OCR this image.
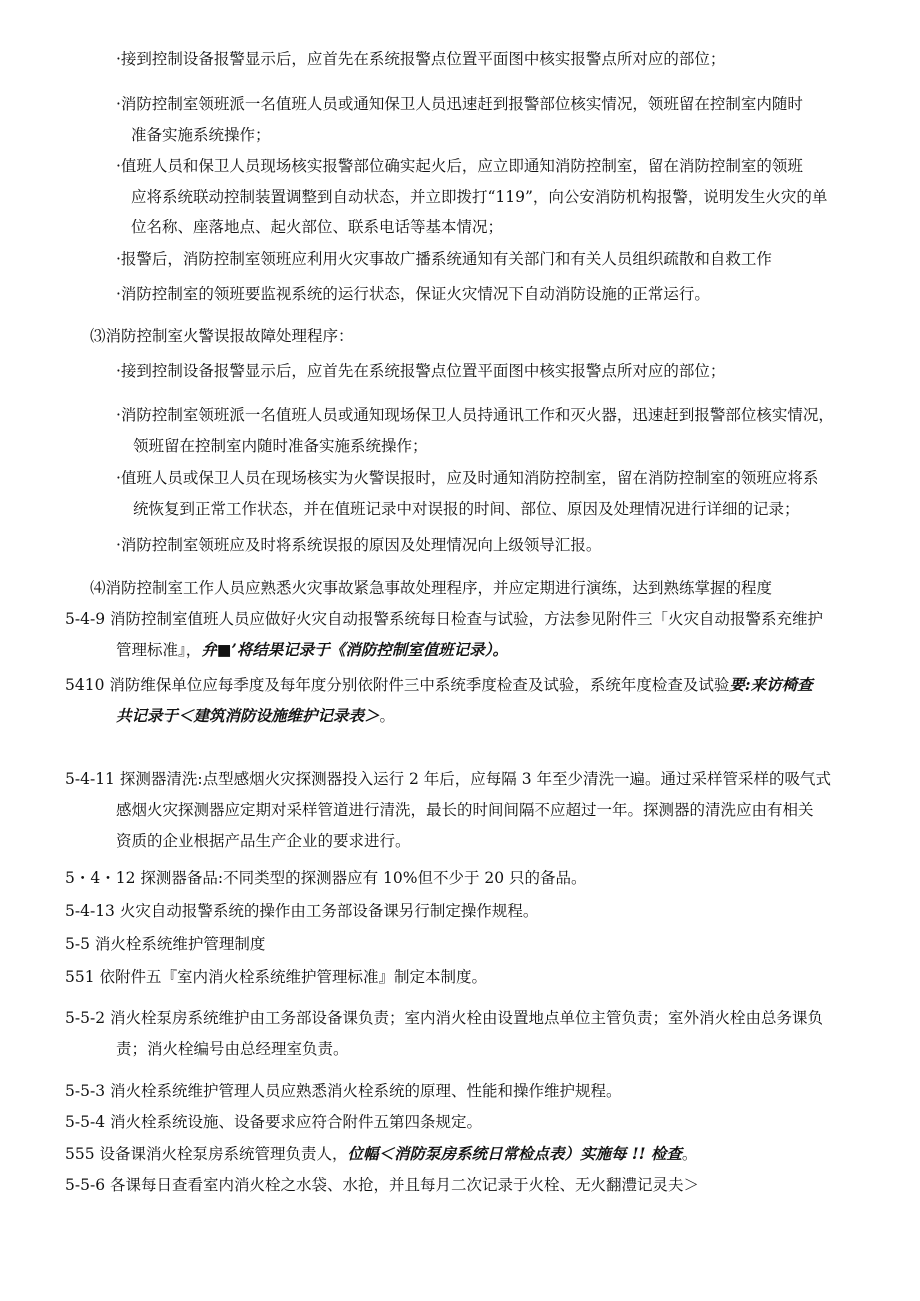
·接到控制设备报警显示后，应首先在系统报警点位置平面图中核实报警点所对应的部位；
·消防控制室领班派一名值班人员或通知保卫人员迅速赶到报警部位核实情况，领班留在控制室内随时
准备实施系统操作；
·值班人员和保卫人员现场核实报警部位确实起火后，应立即通知消防控制室，留在消防控制室的领班
应将系统联动控制装置调整到自动状态，并立即拨打“119”，向公安消防机构报警，说明发生火灾的单
位名称、座落地点、起火部位、联系电话等基本情况；
·报警后，消防控制室领班应利用火灾事故广播系统通知有关部门和有关人员组织疏散和自救工作
·消防控制室的领班要监视系统的运行状态，保证火灾情况下自动消防设施的正常运行。
⑶消防控制室火警误报故障处理程序：
·接到控制设备报警显示后，应首先在系统报警点位置平面图中核实报警点所对应的部位；
·消防控制室领班派一名值班人员或通知现场保卫人员持通讯工作和灭火器，迅速赶到报警部位核实情况，
领班留在控制室内随时准备实施系统操作；
·值班人员或保卫人员在现场核实为火警误报时，应及时通知消防控制室，留在消防控制室的领班应将系
统恢复到正常工作状态，并在值班记录中对误报的时间、部位、原因及处理情况进行详细的记录；
·消防控制室领班应及时将系统误报的原因及处理情况向上级领导汇报。
⑷消防控制室工作人员应熟悉火灾事故紧急事故处理程序，并应定期进行演练，达到熟练掌握的程度
5-4-9 消防控制室值班人员应做好火灾自动报警系统每日检查与试验，方法参见附件三「火灾自动报警系充维护
管理标准』，弁■’将结果记录于《消防控制室值班记录）。
5410 消防维保单位应每季度及每年度分别依附件三中系统季度检查及试验，系统年度检查及试验要:来访椅查
共记录于＜建筑消防设施维护记录表＞。
5-4-11 探测器清洗:点型感烟火灾探测器投入运行 2 年后，应每隔 3 年至少清洗一遍。通过采样管采样的吸气式
感烟火灾探测器应定期对采样管道进行清洗，最长的时间间隔不应超过一年。探测器的清洗应由有相关
资质的企业根据产品生产企业的要求进行。
5・4・12 探测器备品:不同类型的探测器应有 10%但不少于 20 只的备品。
5-4-13 火灾自动报警系统的操作由工务部设备课另行制定操作规程。
5-5 消火栓系统维护管理制度
551 依附件五『室内消火栓系统维护管理标准』制定本制度。
5-5-2 消火栓泵房系统维护由工务部设备课负责；室内消火栓由设置地点单位主管负责；室外消火栓由总务课负
责；消火栓编号由总经理室负责。
5-5-3 消火栓系统维护管理人员应熟悉消火栓系统的原理、性能和操作维护规程。
5-5-4 消火栓系统设施、设备要求应符合附件五第四条规定。
555 设备课消火栓泵房系统管理负责人，位幅＜消防泵房系统日常检点表）实施每 !! 检查。
5-5-6 各课每日查看室内消火栓之水袋、水抢，并且每月二次记录于火栓、无火翻澧记灵夫＞
